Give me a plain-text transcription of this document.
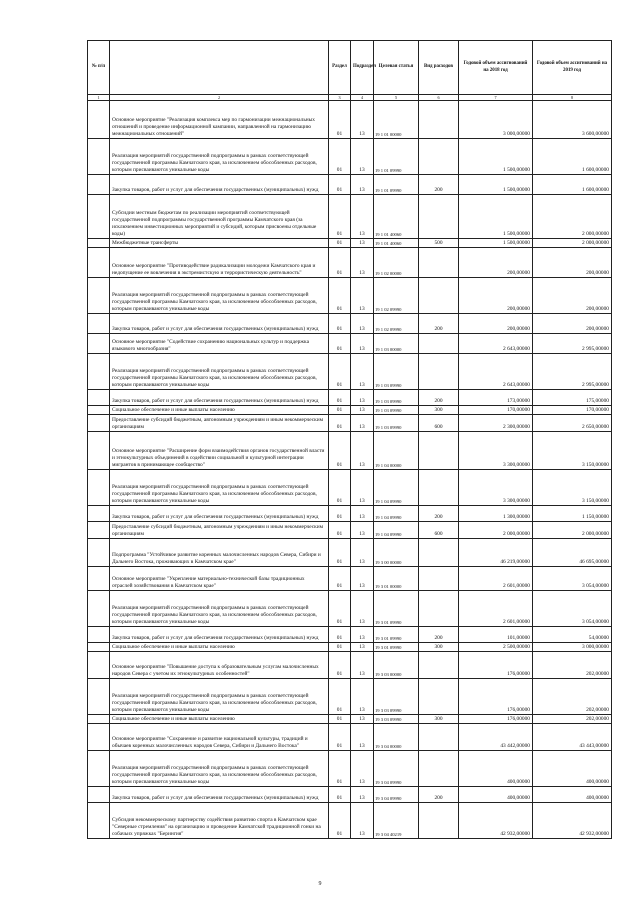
№ п/п		Раздел	Подраздел	Целевая статья	Вид расходов	Годовой объем ассигнований на 2018 год	Годовой объем ассигнований на 2019 год
1	2	3	4	5	6	7	8
	Основное мероприятие "Реализация комплекса мер по гармонизации межнациональных отношений и проведение информационной кампании, направленной на гармонизацию межнациональных отношений"	01	13	19 1 01 00000		3 000,00000	3 600,00000
	Реализация мероприятий государственной подпрограммы в рамках соответствующей государственной программы Камчатского края, за исключением обособленных расходов, которым присваиваются уникальные коды	01	13	19 1 01 09990		1 500,00000	1 600,00000
	Закупка товаров, работ и услуг для обеспечения государственных (муниципальных) нужд	01	13	19 1 01 09990	200	1 500,00000	1 600,00000
	Субсидии местным бюджетам по реализации мероприятий соответствующей государственной подпрограммы государственной программы Камчатского края (за исключением инвестиционных мероприятий и субсидий, которым присвоены отдельные коды)	01	13	19 1 01 40060		1 500,00000	2 000,00000
	Межбюджетные трансферты	01	13	19 1 01 40060	500	1 500,00000	2 000,00000
	Основное мероприятие "Противодействие радикализации молодежи Камчатского края и недопущение ее вовлечения в экстремистскую и террористическую деятельность"	01	13	19 1 02 00000		200,00000	200,00000
	Реализация мероприятий государственной подпрограммы в рамках соответствующей государственной программы Камчатского края, за исключением обособленных расходов, которым присваиваются уникальные коды	01	13	19 1 02 09990		200,00000	200,00000
	Закупка товаров, работ и услуг для обеспечения государственных (муниципальных) нужд	01	13	19 1 02 09990	200	200,00000	200,00000
	Основное мероприятие "Содействие сохранению национальных культур и поддержка языкового многообразия"	01	13	19 1 03 00000		2 643,00000	2 995,00000
	Реализация мероприятий государственной подпрограммы в рамках соответствующей государственной программы Камчатского края, за исключением обособленных расходов, которым присваиваются уникальные коды	01	13	19 1 03 09990		2 643,00000	2 995,00000
	Закупка товаров, работ и услуг для обеспечения государственных (муниципальных) нужд	01	13	19 1 03 09990	200	173,00000	175,00000
	Социальное обеспечение и иные выплаты населению	01	13	19 1 03 09990	300	170,00000	170,00000
	Предоставление субсидий бюджетным, автономным учреждениям и иным некоммерческим организациям	01	13	19 1 03 09990	600	2 300,00000	2 650,00000
	Основное мероприятие "Расширение форм взаимодействия органов государственной власти и этнокультурных объединений в содействии социальной и культурной интеграции мигрантов в принимающее сообщество"	01	13	19 1 04 00000		3 300,00000	3 150,00000
	Реализация мероприятий государственной подпрограммы в рамках соответствующей государственной программы Камчатского края, за исключением обособленных расходов, которым присваиваются уникальные коды	01	13	19 1 04 09990		3 300,00000	3 150,00000
	Закупка товаров, работ и услуг для обеспечения государственных (муниципальных) нужд	01	13	19 1 04 09990	200	1 300,00000	1 150,00000
	Предоставление субсидий бюджетным, автономным учреждениям и иным некоммерческим организациям	01	13	19 1 04 09990	600	2 000,00000	2 000,00000
	Подпрограмма "Устойчивое развитие коренных малочисленных народов Севера, Сибири и Дальнего Востока, проживающих в Камчатском крае"	01	13	19 3 00 00000		46 219,00000	46 695,00000
	Основное мероприятие "Укрепление материально-технической базы традиционных отраслей хозяйствования в Камчатском крае"	01	13	19 3 01 00000		2 601,00000	3 054,00000
	Реализация мероприятий государственной подпрограммы в рамках соответствующей государственной программы Камчатского края, за исключением обособленных расходов, которым присваиваются уникальные коды	01	13	19 3 01 09990		2 601,00000	3 054,00000
	Закупка товаров, работ и услуг для обеспечения государственных (муниципальных) нужд	01	13	19 3 01 09990	200	101,00000	54,00000
	Социальное обеспечение и иные выплаты населению	01	13	19 3 01 09990	300	2 500,00000	3 000,00000
	Основное мероприятие "Повышение доступа к образовательным услугам малочисленных народов Севера с учетом их этнокультурных особенностей"	01	13	19 3 03 00000		176,00000	202,00000
	Реализация мероприятий государственной подпрограммы в рамках соответствующей государственной программы Камчатского края, за исключением обособленных расходов, которым присваиваются уникальные коды	01	13	19 3 03 09990		176,00000	202,00000
	Социальное обеспечение и иные выплаты населению	01	13	19 3 03 09990	300	176,00000	202,00000
	Основное мероприятие "Сохранение и развитие национальной культуры, традиций и обычаев коренных малочисленных народов Севера, Сибири и Дальнего Востока"	01	13	19 3 04 00000		43 442,00000	43 443,00000
	Реализация мероприятий государственной подпрограммы в рамках соответствующей государственной программы Камчатского края, за исключением обособленных расходов, которым присваиваются уникальные коды	01	13	19 3 04 09990		400,00000	400,00000
	Закупка товаров, работ и услуг для обеспечения государственных (муниципальных) нужд	01	13	19 3 04 09990	200	400,00000	400,00000
	Субсидия некоммерческому партнерству содействия развитию спорта в Камчатском крае "Северные стремления" на организацию и проведение Камчатской традиционной гонки на собачьих упряжках "Берингия"	01	13	19 3 04 40219		42 932,00000	42 932,00000
9
